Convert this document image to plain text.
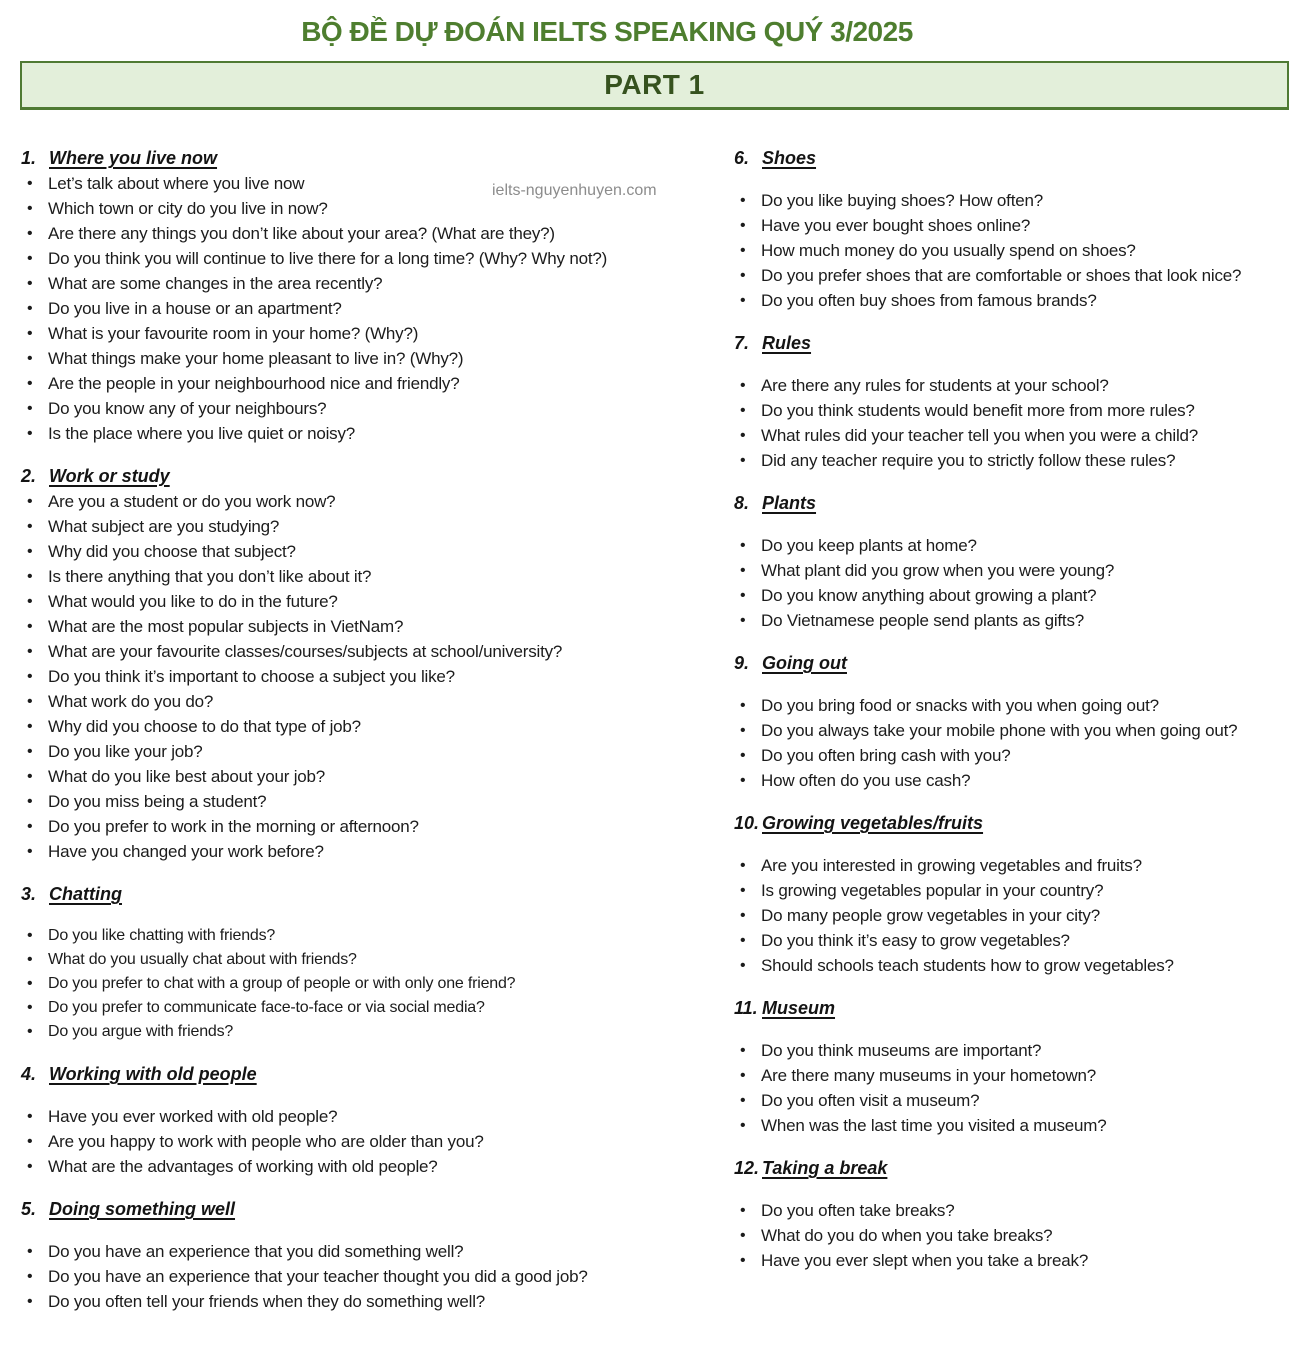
BỘ ĐỀ DỰ ĐOÁN IELTS SPEAKING QUÝ 3/2025
PART 1
ielts-nguyenhuyen.com
1. Where you live now
• Let’s talk about where you live now
• Which town or city do you live in now?
• Are there any things you don’t like about your area? (What are they?)
• Do you think you will continue to live there for a long time? (Why? Why not?)
• What are some changes in the area recently?
• Do you live in a house or an apartment?
• What is your favourite room in your home? (Why?)
• What things make your home pleasant to live in? (Why?)
• Are the people in your neighbourhood nice and friendly?
• Do you know any of your neighbours?
• Is the place where you live quiet or noisy?
2. Work or study
• Are you a student or do you work now?
• What subject are you studying?
• Why did you choose that subject?
• Is there anything that you don’t like about it?
• What would you like to do in the future?
• What are the most popular subjects in VietNam?
• What are your favourite classes/courses/subjects at school/university?
• Do you think it’s important to choose a subject you like?
• What work do you do?
• Why did you choose to do that type of job?
• Do you like your job?
• What do you like best about your job?
• Do you miss being a student?
• Do you prefer to work in the morning or afternoon?
• Have you changed your work before?
3. Chatting
• Do you like chatting with friends?
• What do you usually chat about with friends?
• Do you prefer to chat with a group of people or with only one friend?
• Do you prefer to communicate face-to-face or via social media?
• Do you argue with friends?
4. Working with old people
• Have you ever worked with old people?
• Are you happy to work with people who are older than you?
• What are the advantages of working with old people?
5. Doing something well
• Do you have an experience that you did something well?
• Do you have an experience that your teacher thought you did a good job?
• Do you often tell your friends when they do something well?
6. Shoes
• Do you like buying shoes? How often?
• Have you ever bought shoes online?
• How much money do you usually spend on shoes?
• Do you prefer shoes that are comfortable or shoes that look nice?
• Do you often buy shoes from famous brands?
7. Rules
• Are there any rules for students at your school?
• Do you think students would benefit more from more rules?
• What rules did your teacher tell you when you were a child?
• Did any teacher require you to strictly follow these rules?
8. Plants
• Do you keep plants at home?
• What plant did you grow when you were young?
• Do you know anything about growing a plant?
• Do Vietnamese people send plants as gifts?
9. Going out
• Do you bring food or snacks with you when going out?
• Do you always take your mobile phone with you when going out?
• Do you often bring cash with you?
• How often do you use cash?
10. Growing vegetables/fruits
• Are you interested in growing vegetables and fruits?
• Is growing vegetables popular in your country?
• Do many people grow vegetables in your city?
• Do you think it’s easy to grow vegetables?
• Should schools teach students how to grow vegetables?
11. Museum
• Do you think museums are important?
• Are there many museums in your hometown?
• Do you often visit a museum?
• When was the last time you visited a museum?
12. Taking a break
• Do you often take breaks?
• What do you do when you take breaks?
• Have you ever slept when you take a break?
